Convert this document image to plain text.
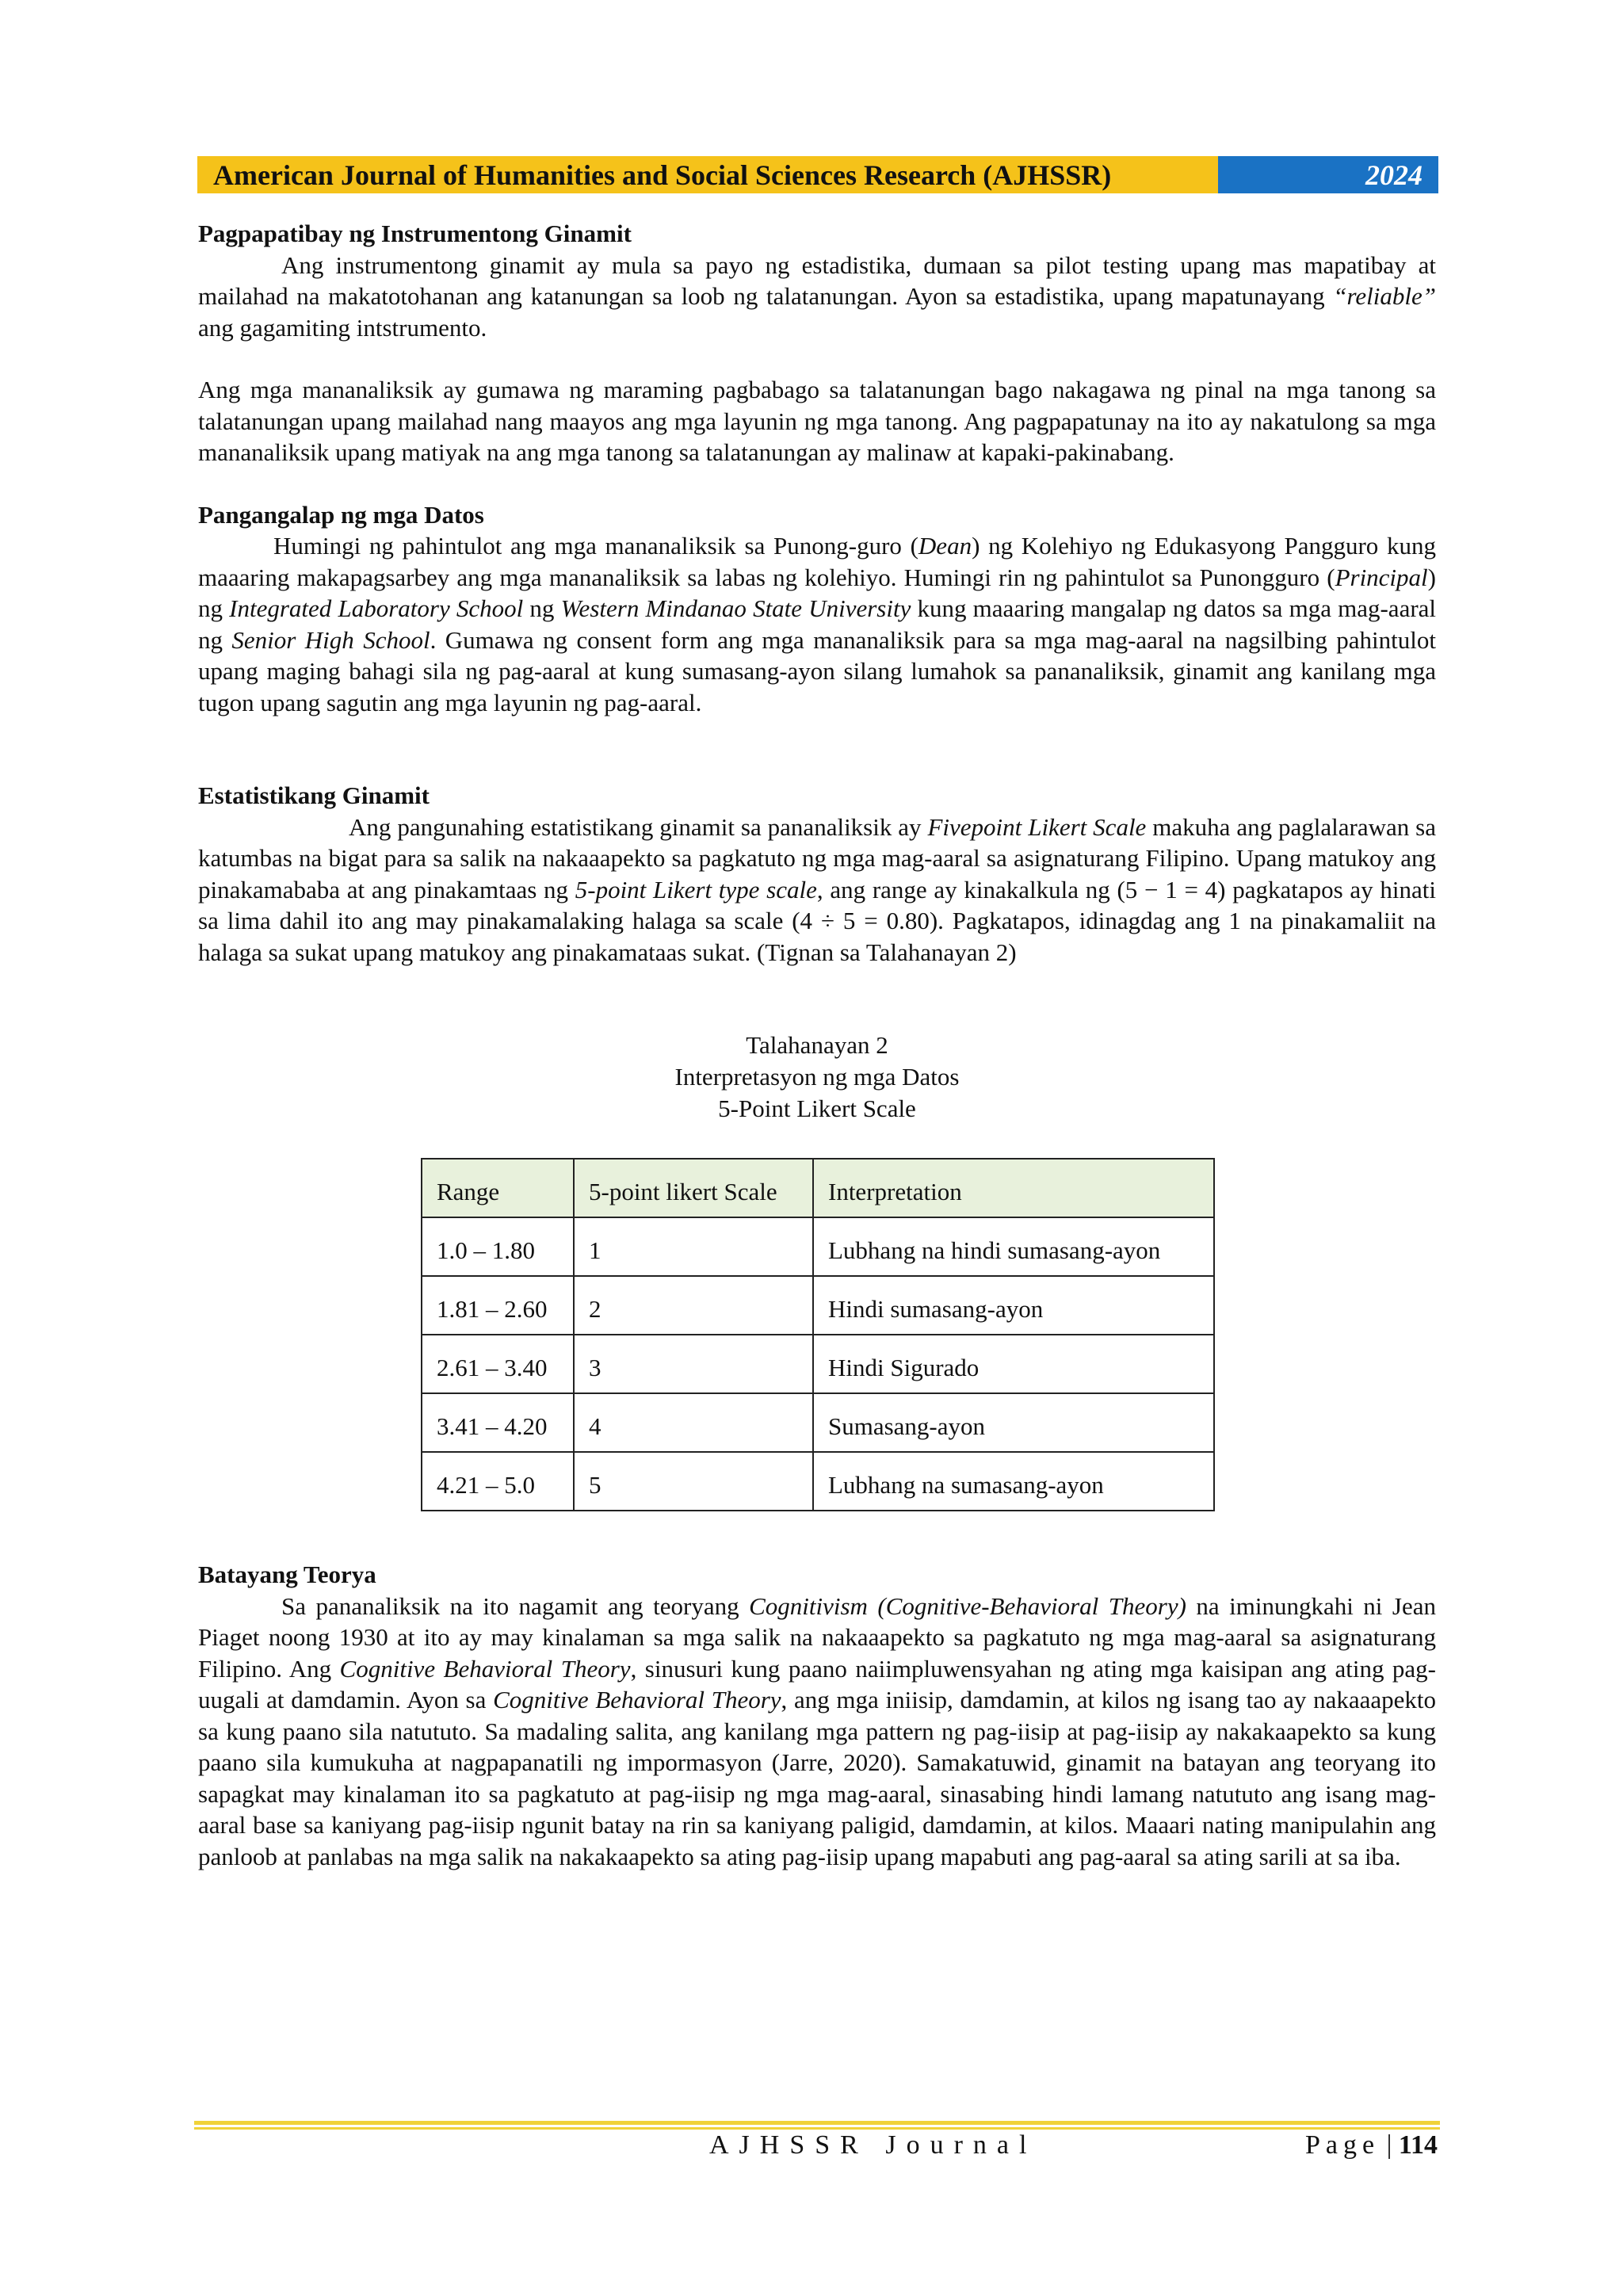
American Journal of Humanities and Social Sciences Research (AJHSSR)	2024

Pagpapatibay ng Instrumentong Ginamit

Ang instrumentong ginamit ay mula sa payo ng estadistika, dumaan sa pilot testing upang mas mapatibay at mailahad na makatotohanan ang katanungan sa loob ng talatanungan. Ayon sa estadistika, upang mapatunayang “reliable” ang gagamiting intstrumento.

Ang mga mananaliksik ay gumawa ng maraming pagbabago sa talatanungan bago nakagawa ng pinal na mga tanong sa talatanungan upang mailahad nang maayos ang mga layunin ng mga tanong. Ang pagpapatunay na ito ay nakatulong sa mga mananaliksik upang matiyak na ang mga tanong sa talatanungan ay malinaw at kapaki-pakinabang.

Pangangalap ng mga Datos

Humingi ng pahintulot ang mga mananaliksik sa Punong-guro (Dean) ng Kolehiyo ng Edukasyong Pangguro kung maaaring makapagsarbey ang mga mananaliksik sa labas ng kolehiyo. Humingi rin ng pahintulot sa Punongguro (Principal) ng Integrated Laboratory School ng Western Mindanao State University kung maaaring mangalap ng datos sa mga mag-aaral ng Senior High School. Gumawa ng consent form ang mga mananaliksik para sa mga mag-aaral na nagsilbing pahintulot upang maging bahagi sila ng pag-aaral at kung sumasang-ayon silang lumahok sa pananaliksik, ginamit ang kanilang mga tugon upang sagutin ang mga layunin ng pag-aaral.

Estatistikang Ginamit

Ang pangunahing estatistikang ginamit sa pananaliksik ay Fivepoint Likert Scale makuha ang paglalarawan sa katumbas na bigat para sa salik na nakaaapekto sa pagkatuto ng mga mag-aaral sa asignaturang Filipino. Upang matukoy ang pinakamababa at ang pinakamtaas ng 5-point Likert type scale, ang range ay kinakalkula ng (5 − 1 = 4) pagkatapos ay hinati sa lima dahil ito ang may pinakamalaking halaga sa scale (4 ÷ 5 = 0.80). Pagkatapos, idinagdag ang 1 na pinakamaliit na halaga sa sukat upang matukoy ang pinakamataas sukat. (Tignan sa Talahanayan 2)

Talahanayan 2
Interpretasyon ng mga Datos
5-Point Likert Scale
Range	5-point likert Scale	Interpretation
1.0 – 1.80	1	Lubhang na hindi sumasang-ayon
1.81 – 2.60	2	Hindi sumasang-ayon
2.61 – 3.40	3	Hindi Sigurado
3.41 – 4.20	4	Sumasang-ayon
4.21 – 5.0	5	Lubhang na sumasang-ayon

Batayang Teorya

Sa pananaliksik na ito nagamit ang teoryang Cognitivism (Cognitive-Behavioral Theory) na iminungkahi ni Jean Piaget noong 1930 at ito ay may kinalaman sa mga salik na nakaaapekto sa pagkatuto ng mga mag-aaral sa asignaturang Filipino. Ang Cognitive Behavioral Theory, sinusuri kung paano naiimpluwensyahan ng ating mga kaisipan ang ating pag-uugali at damdamin. Ayon sa Cognitive Behavioral Theory, ang mga iniisip, damdamin, at kilos ng isang tao ay nakaaapekto sa kung paano sila natututo. Sa madaling salita, ang kanilang mga pattern ng pag-iisip at pag-iisip ay nakakaapekto sa kung paano sila kumukuha at nagpapanatili ng impormasyon (Jarre, 2020). Samakatuwid, ginamit na batayan ang teoryang ito sapagkat may kinalaman ito sa pagkatuto at pag-iisip ng mga mag-aaral, sinasabing hindi lamang natututo ang isang mag-aaral base sa kaniyang pag-iisip ngunit batay na rin sa kaniyang paligid, damdamin, at kilos. Maaari nating manipulahin ang panloob at panlabas na mga salik na nakakaapekto sa ating pag-iisip upang mapabuti ang pag-aaral sa ating sarili at sa iba.

AJHSSR Journal	Page | 114
